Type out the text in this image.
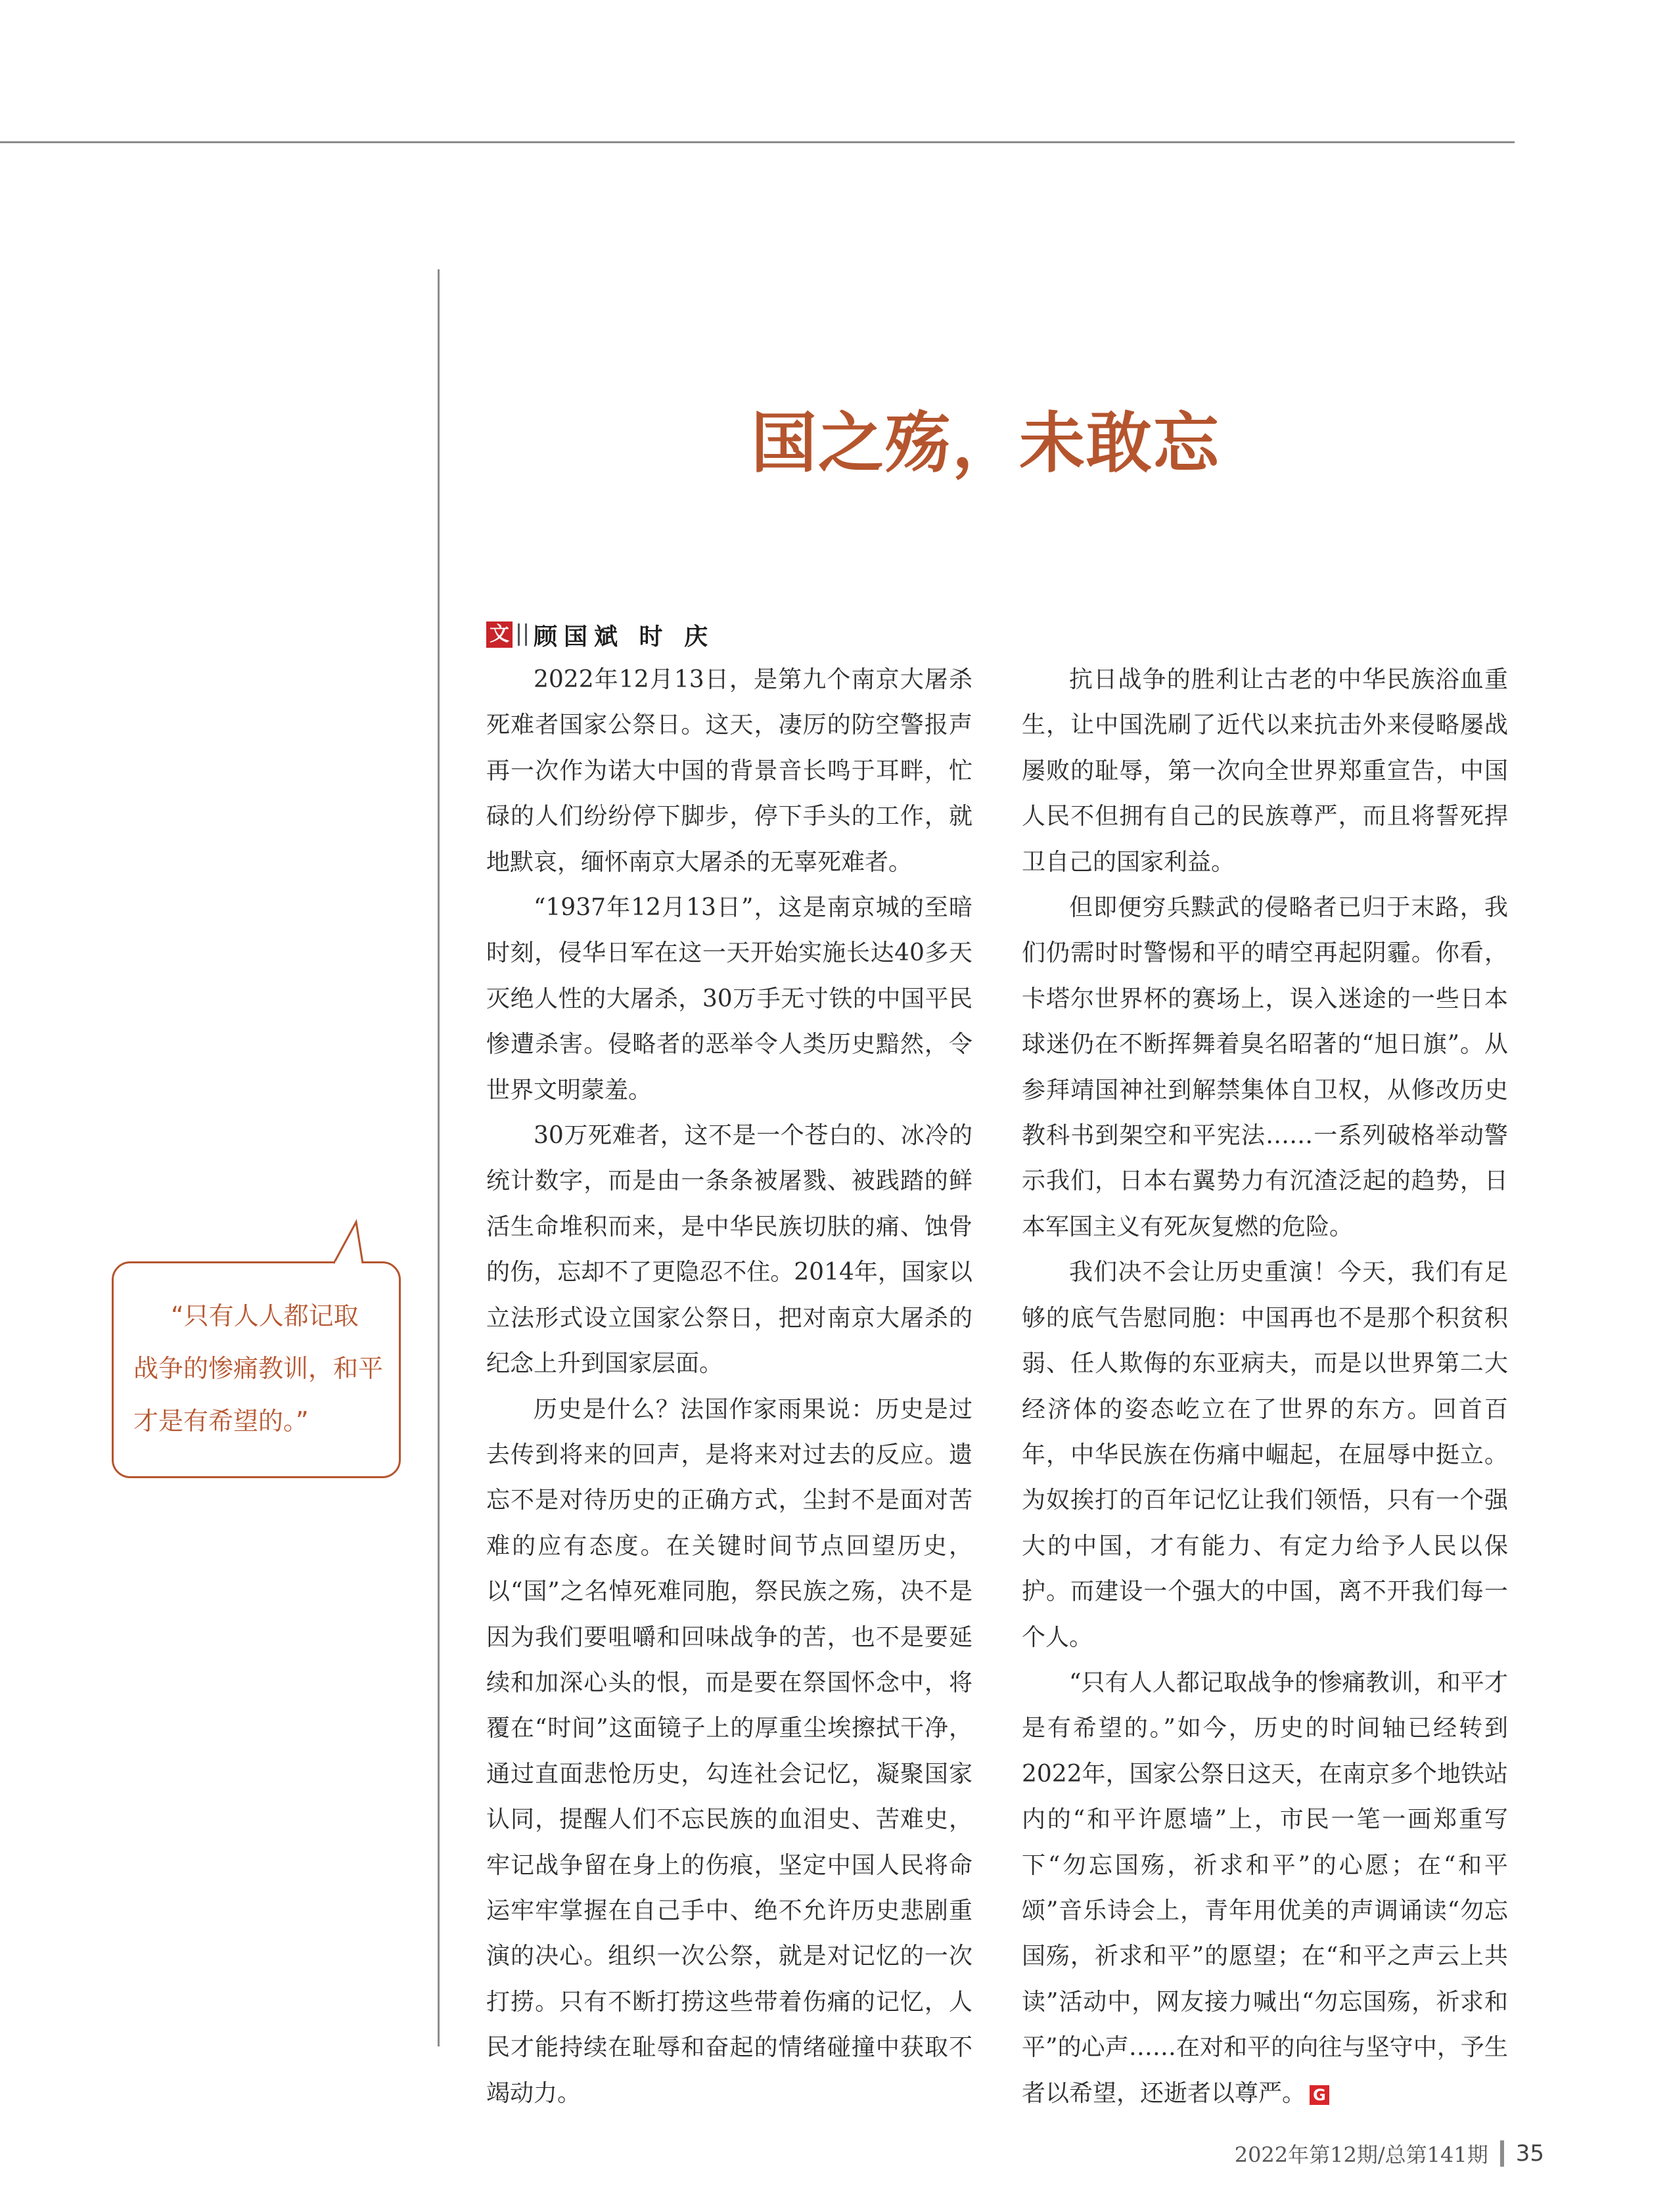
国之殇，未敢忘
文 顾国斌 时 庆

2022年12月13日，是第九个南京大屠杀死难者国家公祭日。这天，凄厉的防空警报声再一次作为诺大中国的背景音长鸣于耳畔，忙碌的人们纷纷停下脚步，停下手头的工作，就地默哀，缅怀南京大屠杀的无辜死难者。

“1937年12月13日”，这是南京城的至暗时刻，侵华日军在这一天开始实施长达40多天灭绝人性的大屠杀，30万手无寸铁的中国平民惨遭杀害。侵略者的恶举令人类历史黯然，令世界文明蒙羞。

30万死难者，这不是一个苍白的、冰冷的统计数字，而是由一条条被屠戮、被践踏的鲜活生命堆积而来，是中华民族切肤的痛、蚀骨的伤，忘却不了更隐忍不住。2014年，国家以立法形式设立国家公祭日，把对南京大屠杀的纪念上升到国家层面。

历史是什么？法国作家雨果说：历史是过去传到将来的回声，是将来对过去的反应。遗忘不是对待历史的正确方式，尘封不是面对苦难的应有态度。在关键时间节点回望历史，以“国”之名悼死难同胞，祭民族之殇，决不是因为我们要咀嚼和回味战争的苦，也不是要延续和加深心头的恨，而是要在祭国怀念中，将覆在“时间”这面镜子上的厚重尘埃擦拭干净，通过直面悲怆历史，勾连社会记忆，凝聚国家认同，提醒人们不忘民族的血泪史、苦难史，牢记战争留在身上的伤痕，坚定中国人民将命运牢牢掌握在自己手中、绝不允许历史悲剧重演的决心。组织一次公祭，就是对记忆的一次打捞。只有不断打捞这些带着伤痛的记忆，人民才能持续在耻辱和奋起的情绪碰撞中获取不竭动力。

抗日战争的胜利让古老的中华民族浴血重生，让中国洗刷了近代以来抗击外来侵略屡战屡败的耻辱，第一次向全世界郑重宣告，中国人民不但拥有自己的民族尊严，而且将誓死捍卫自己的国家利益。

但即便穷兵黩武的侵略者已归于末路，我们仍需时时警惕和平的晴空再起阴霾。你看，卡塔尔世界杯的赛场上，误入迷途的一些日本球迷仍在不断挥舞着臭名昭著的“旭日旗”。从参拜靖国神社到解禁集体自卫权，从修改历史教科书到架空和平宪法……一系列破格举动警示我们，日本右翼势力有沉渣泛起的趋势，日本军国主义有死灰复燃的危险。

我们决不会让历史重演！今天，我们有足够的底气告慰同胞：中国再也不是那个积贫积弱、任人欺侮的东亚病夫，而是以世界第二大经济体的姿态屹立在了世界的东方。回首百年，中华民族在伤痛中崛起，在屈辱中挺立。为奴挨打的百年记忆让我们领悟，只有一个强大的中国，才有能力、有定力给予人民以保护。而建设一个强大的中国，离不开我们每一个人。

“只有人人都记取战争的惨痛教训，和平才是有希望的。”如今，历史的时间轴已经转到2022年，国家公祭日这天，在南京多个地铁站内的“和平许愿墙”上，市民一笔一画郑重写下“勿忘国殇，祈求和平”的心愿；在“和平颂”音乐诗会上，青年用优美的声调诵读“勿忘国殇，祈求和平”的愿望；在“和平之声云上共读”活动中，网友接力喊出“勿忘国殇，祈求和平”的心声……在对和平的向往与坚守中，予生者以希望，还逝者以尊严。 G

“只有人人都记取战争的惨痛教训，和平才是有希望的。”
2022年第12期/总第141期 35
